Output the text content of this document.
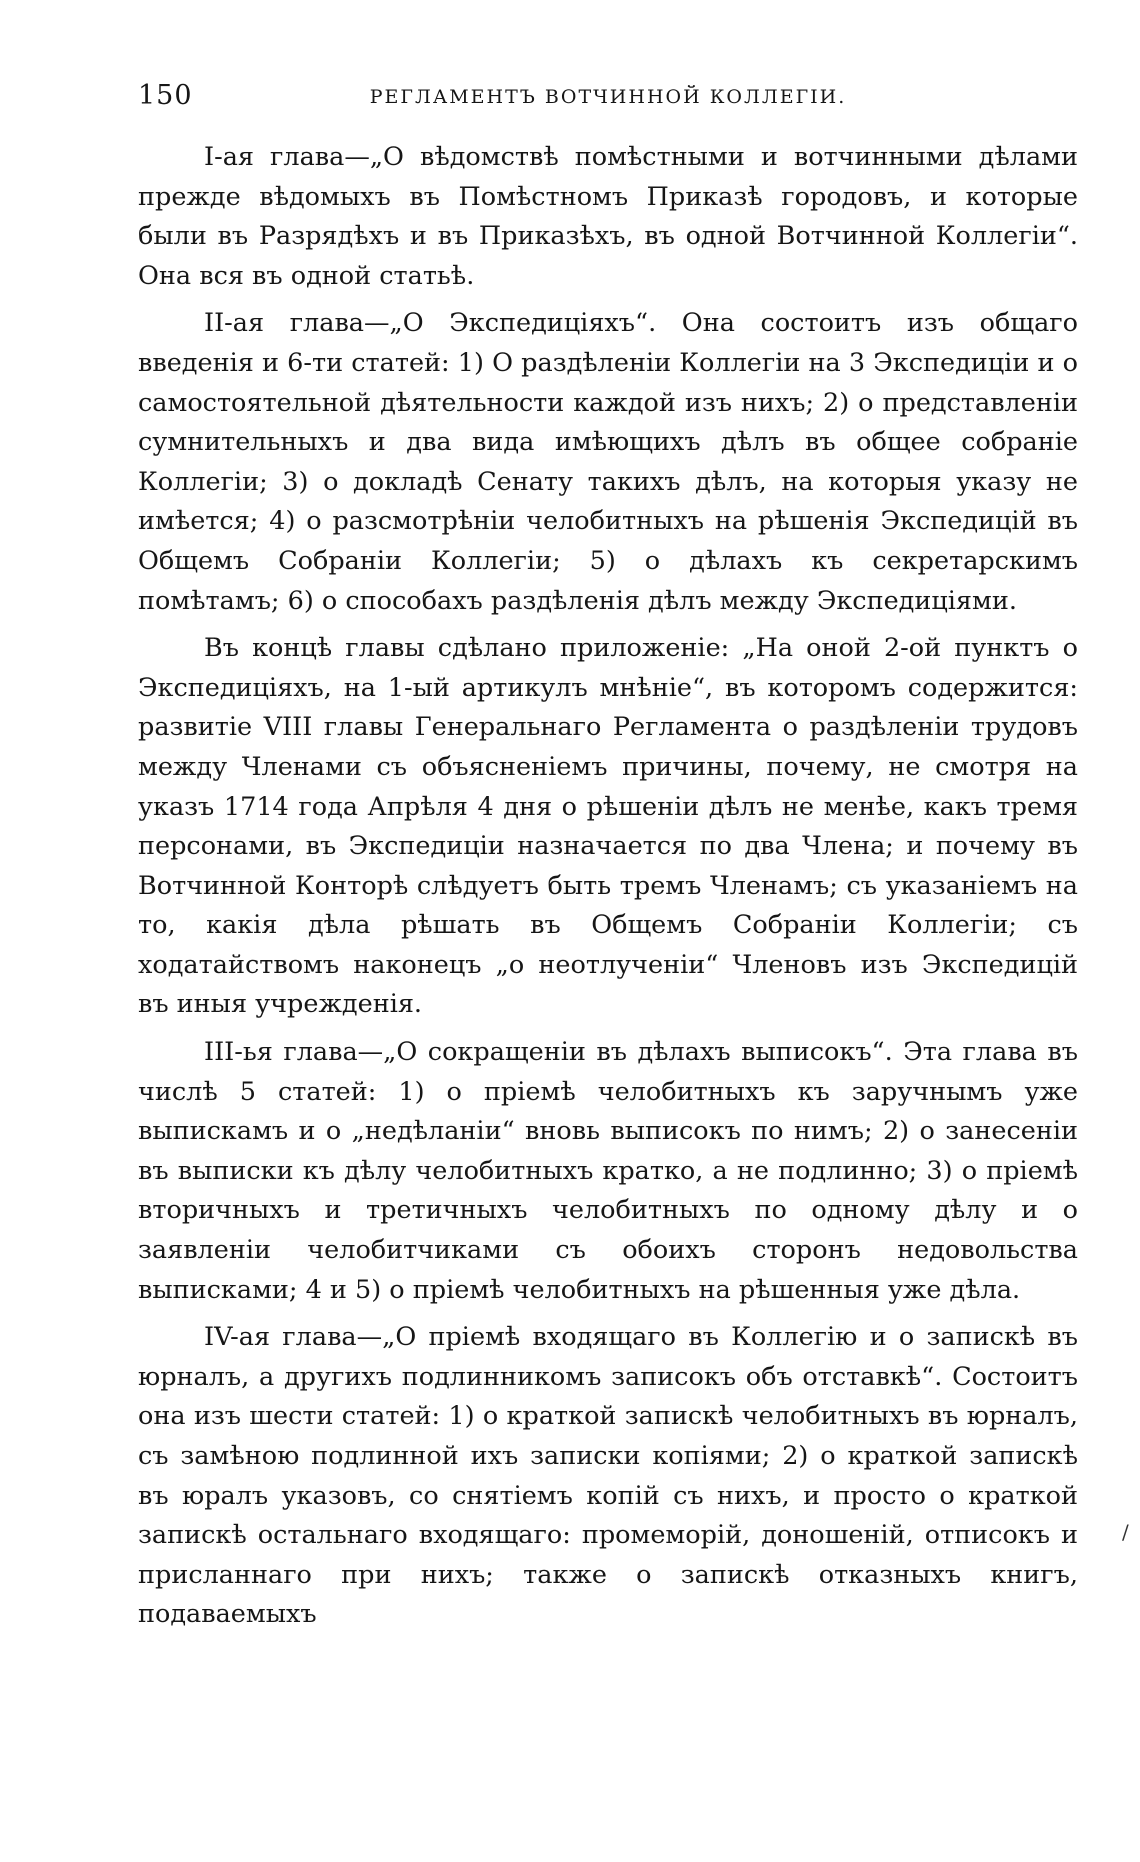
150	РЕГЛАМЕНТЪ ВОТЧИННОЙ КОЛЛЕГІИ.

I-ая глава—„О вѣдомствѣ помѣстными и вотчинными дѣлами прежде вѣдомыхъ въ Помѣстномъ Приказѣ городовъ, и которые были въ Разрядѣхъ и въ Приказѣхъ, въ одной Вотчинной Коллегіи“. Она вся въ одной статьѣ.

II-ая глава—„О Экспедиціяхъ“. Она состоитъ изъ общаго введенія и 6-ти статей: 1) О раздѣленіи Коллегіи на 3 Экспедиціи и о самостоятельной дѣятельности каждой изъ нихъ; 2) о представленіи сумнительныхъ и два вида имѣющихъ дѣлъ въ общее собраніе Коллегіи; 3) о докладѣ Сенату такихъ дѣлъ, на которыя указу не имѣется; 4) о разсмотрѣніи челобитныхъ на рѣшенія Экспедицій въ Общемъ Собраніи Коллегіи; 5) о дѣлахъ къ секретарскимъ помѣтамъ; 6) о способахъ раздѣленія дѣлъ между Экспедиціями.

Въ концѣ главы сдѣлано приложеніе: „На оной 2-ой пунктъ о Экспедиціяхъ, на 1-ый артикулъ мнѣніе“, въ которомъ содержится: развитіе VIII главы Генеральнаго Регламента о раздѣленіи трудовъ между Членами съ объясненіемъ причины, почему, не смотря на указъ 1714 года Апрѣля 4 дня о рѣшеніи дѣлъ не менѣе, какъ тремя персонами, въ Экспедиціи назначается по два Члена; и почему въ Вотчинной Конторѣ слѣдуетъ быть тремъ Членамъ; съ указаніемъ на то, какія дѣла рѣшать въ Общемъ Собраніи Коллегіи; съ ходатайствомъ наконецъ „о неотлученіи“ Членовъ изъ Экспедицій въ иныя учрежденія.

III-ья глава—„О сокращеніи въ дѣлахъ выписокъ“. Эта глава въ числѣ 5 статей: 1) о пріемѣ челобитныхъ къ заручнымъ уже выпискамъ и о „недѣланіи“ вновь выписокъ по нимъ; 2) о занесеніи въ выписки къ дѣлу челобитныхъ кратко, а не подлинно; 3) о пріемѣ вторичныхъ и третичныхъ челобитныхъ по одному дѣлу и о заявленіи челобитчиками съ обоихъ сторонъ недовольства выписками; 4 и 5) о пріемѣ челобитныхъ на рѣшенныя уже дѣла.

IV-ая глава—„О пріемѣ входящаго въ Коллегію и о запискѣ въ юрналъ, а другихъ подлинникомъ записокъ объ отставкѣ“. Состоитъ она изъ шести статей: 1) о краткой запискѣ челобитныхъ въ юрналъ, съ замѣною подлинной ихъ записки копіями; 2) о краткой запискѣ въ юралъ указовъ, со снятіемъ копій съ нихъ, и просто о краткой запискѣ остальнаго входящаго: промеморій, доношеній, отписокъ и присланнаго при нихъ; также о запискѣ отказныхъ книгъ, подаваемыхъ

/
